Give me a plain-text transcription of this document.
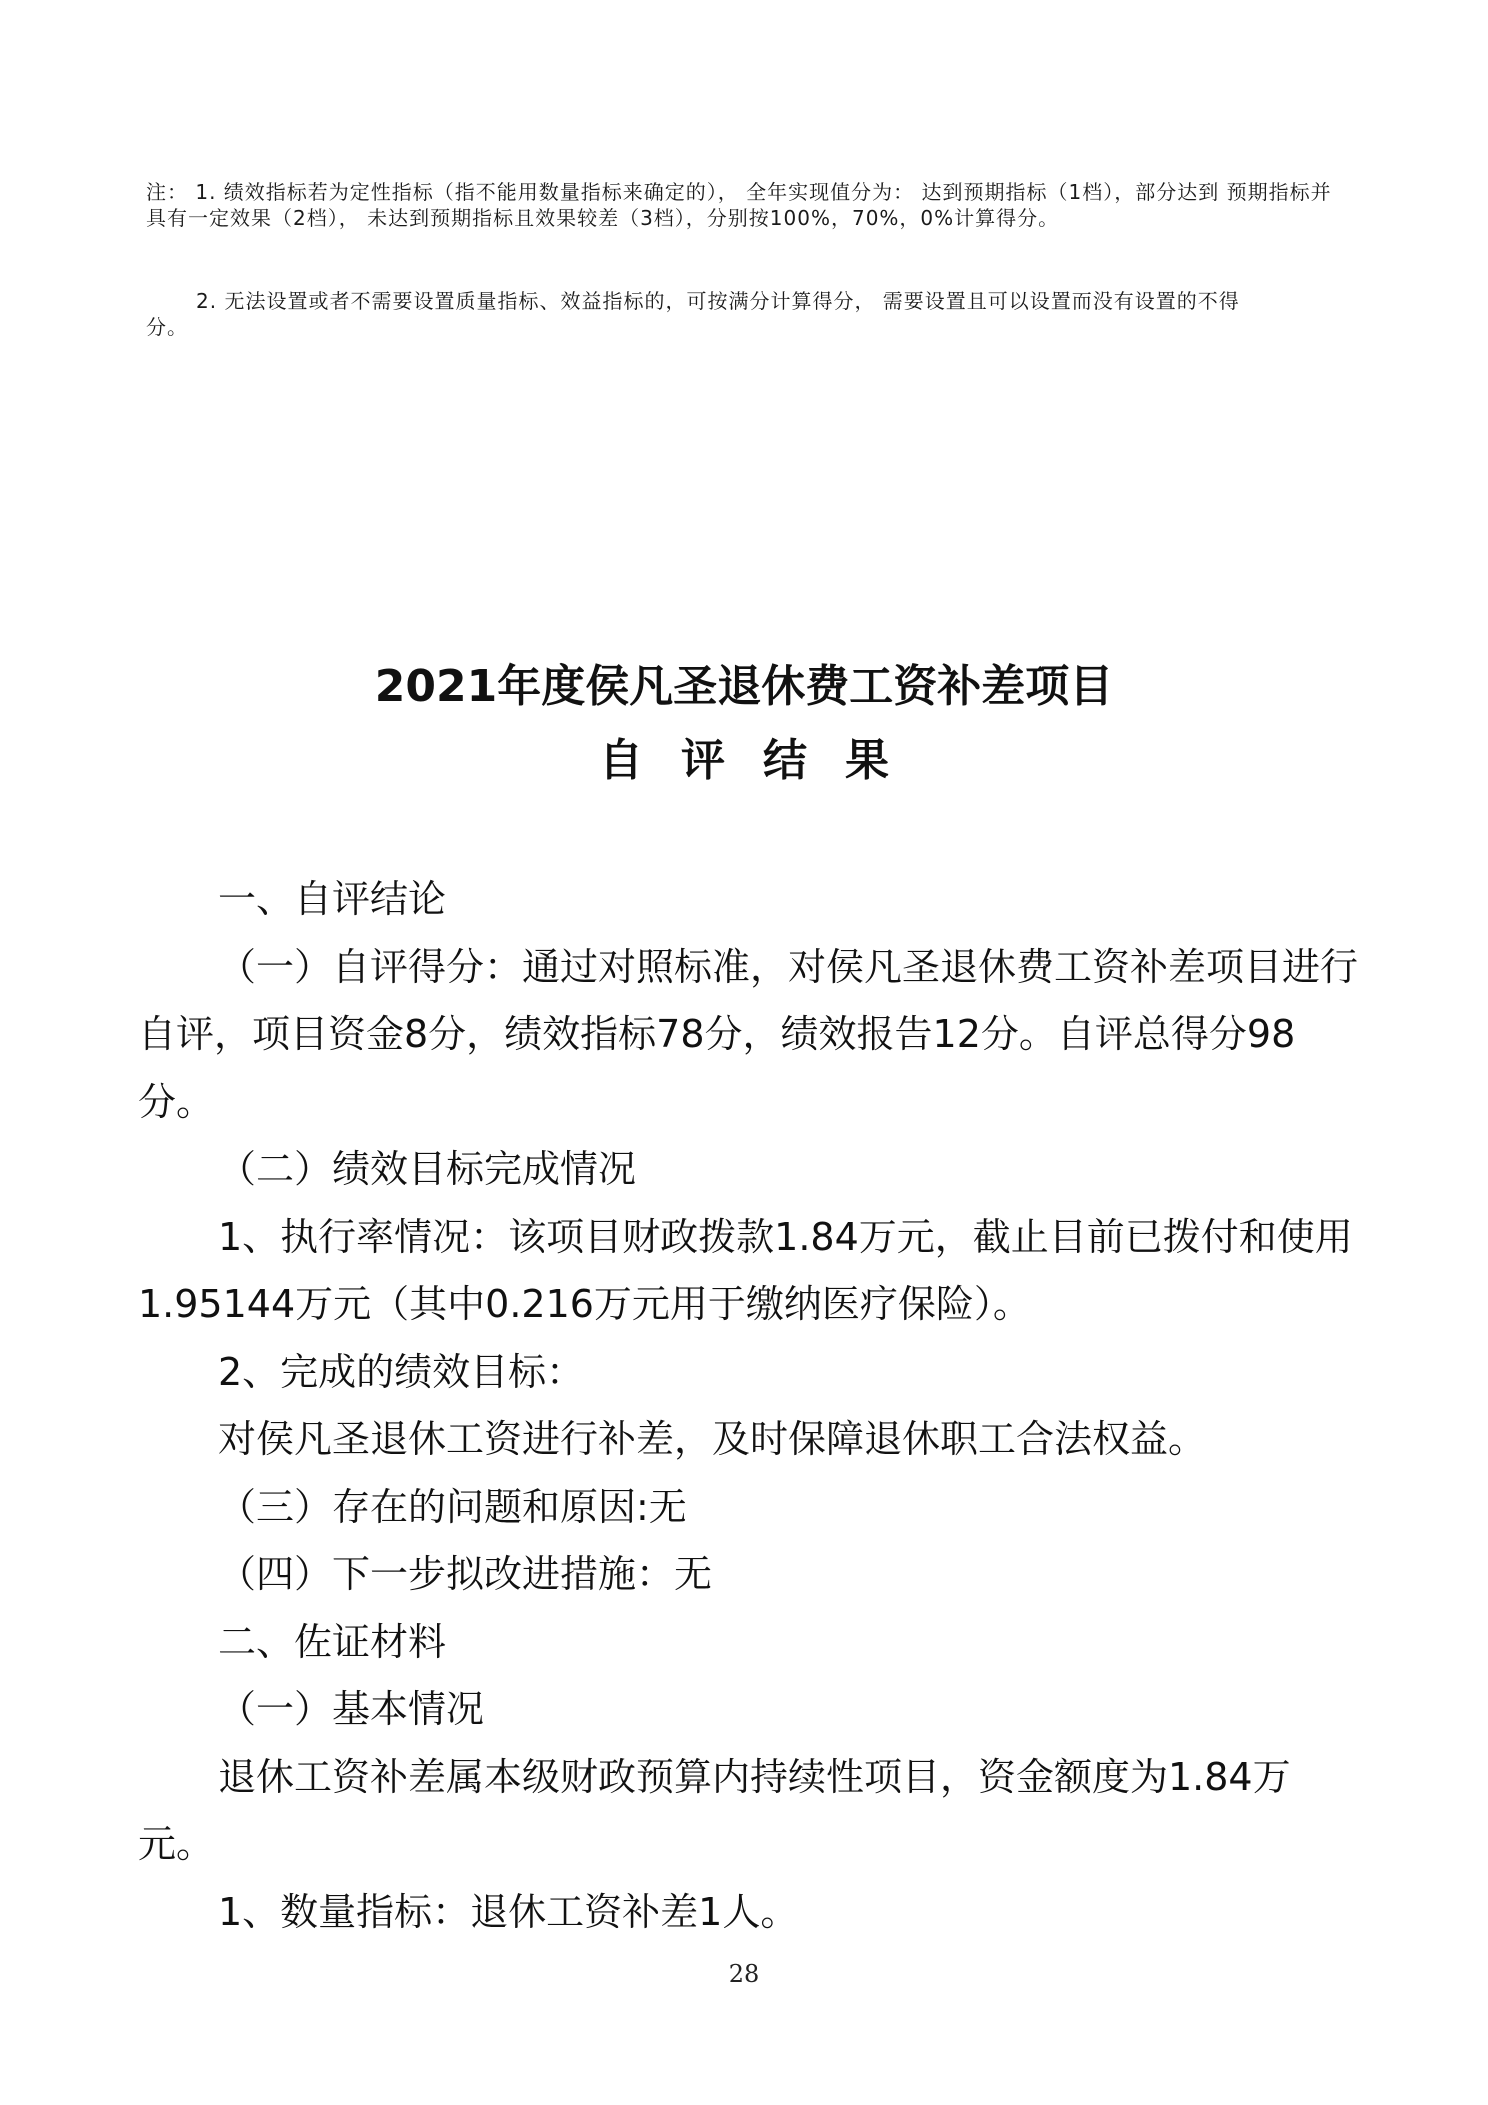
注： 1. 绩效指标若为定性指标（指不能用数量指标来确定的）， 全年实现值分为： 达到预期指标（1档），部分达到 预期指标并具有一定效果（2档）， 未达到预期指标且效果较差（3档），分别按100%，70%，0%计算得分。

2. 无法设置或者不需要设置质量指标、效益指标的，可按满分计算得分， 需要设置且可以设置而没有设置的不得
分。
2021年度侯凡圣退休费工资补差项目
自评结果

一、自评结论

（一）自评得分：通过对照标准，对侯凡圣退休费工资补差项目进行自评，项目资金8分，绩效指标78分，绩效报告12分。自评总得分98分。

（二）绩效目标完成情况

1、执行率情况：该项目财政拨款1.84万元，截止目前已拨付和使用1.95144万元（其中0.216万元用于缴纳医疗保险）。

2、完成的绩效目标：

对侯凡圣退休工资进行补差，及时保障退休职工合法权益。

（三）存在的问题和原因:无

（四）下一步拟改进措施：无

二、佐证材料

（一）基本情况

退休工资补差属本级财政预算内持续性项目，资金额度为1.84万元。

1、数量指标：退休工资补差1人。

28
